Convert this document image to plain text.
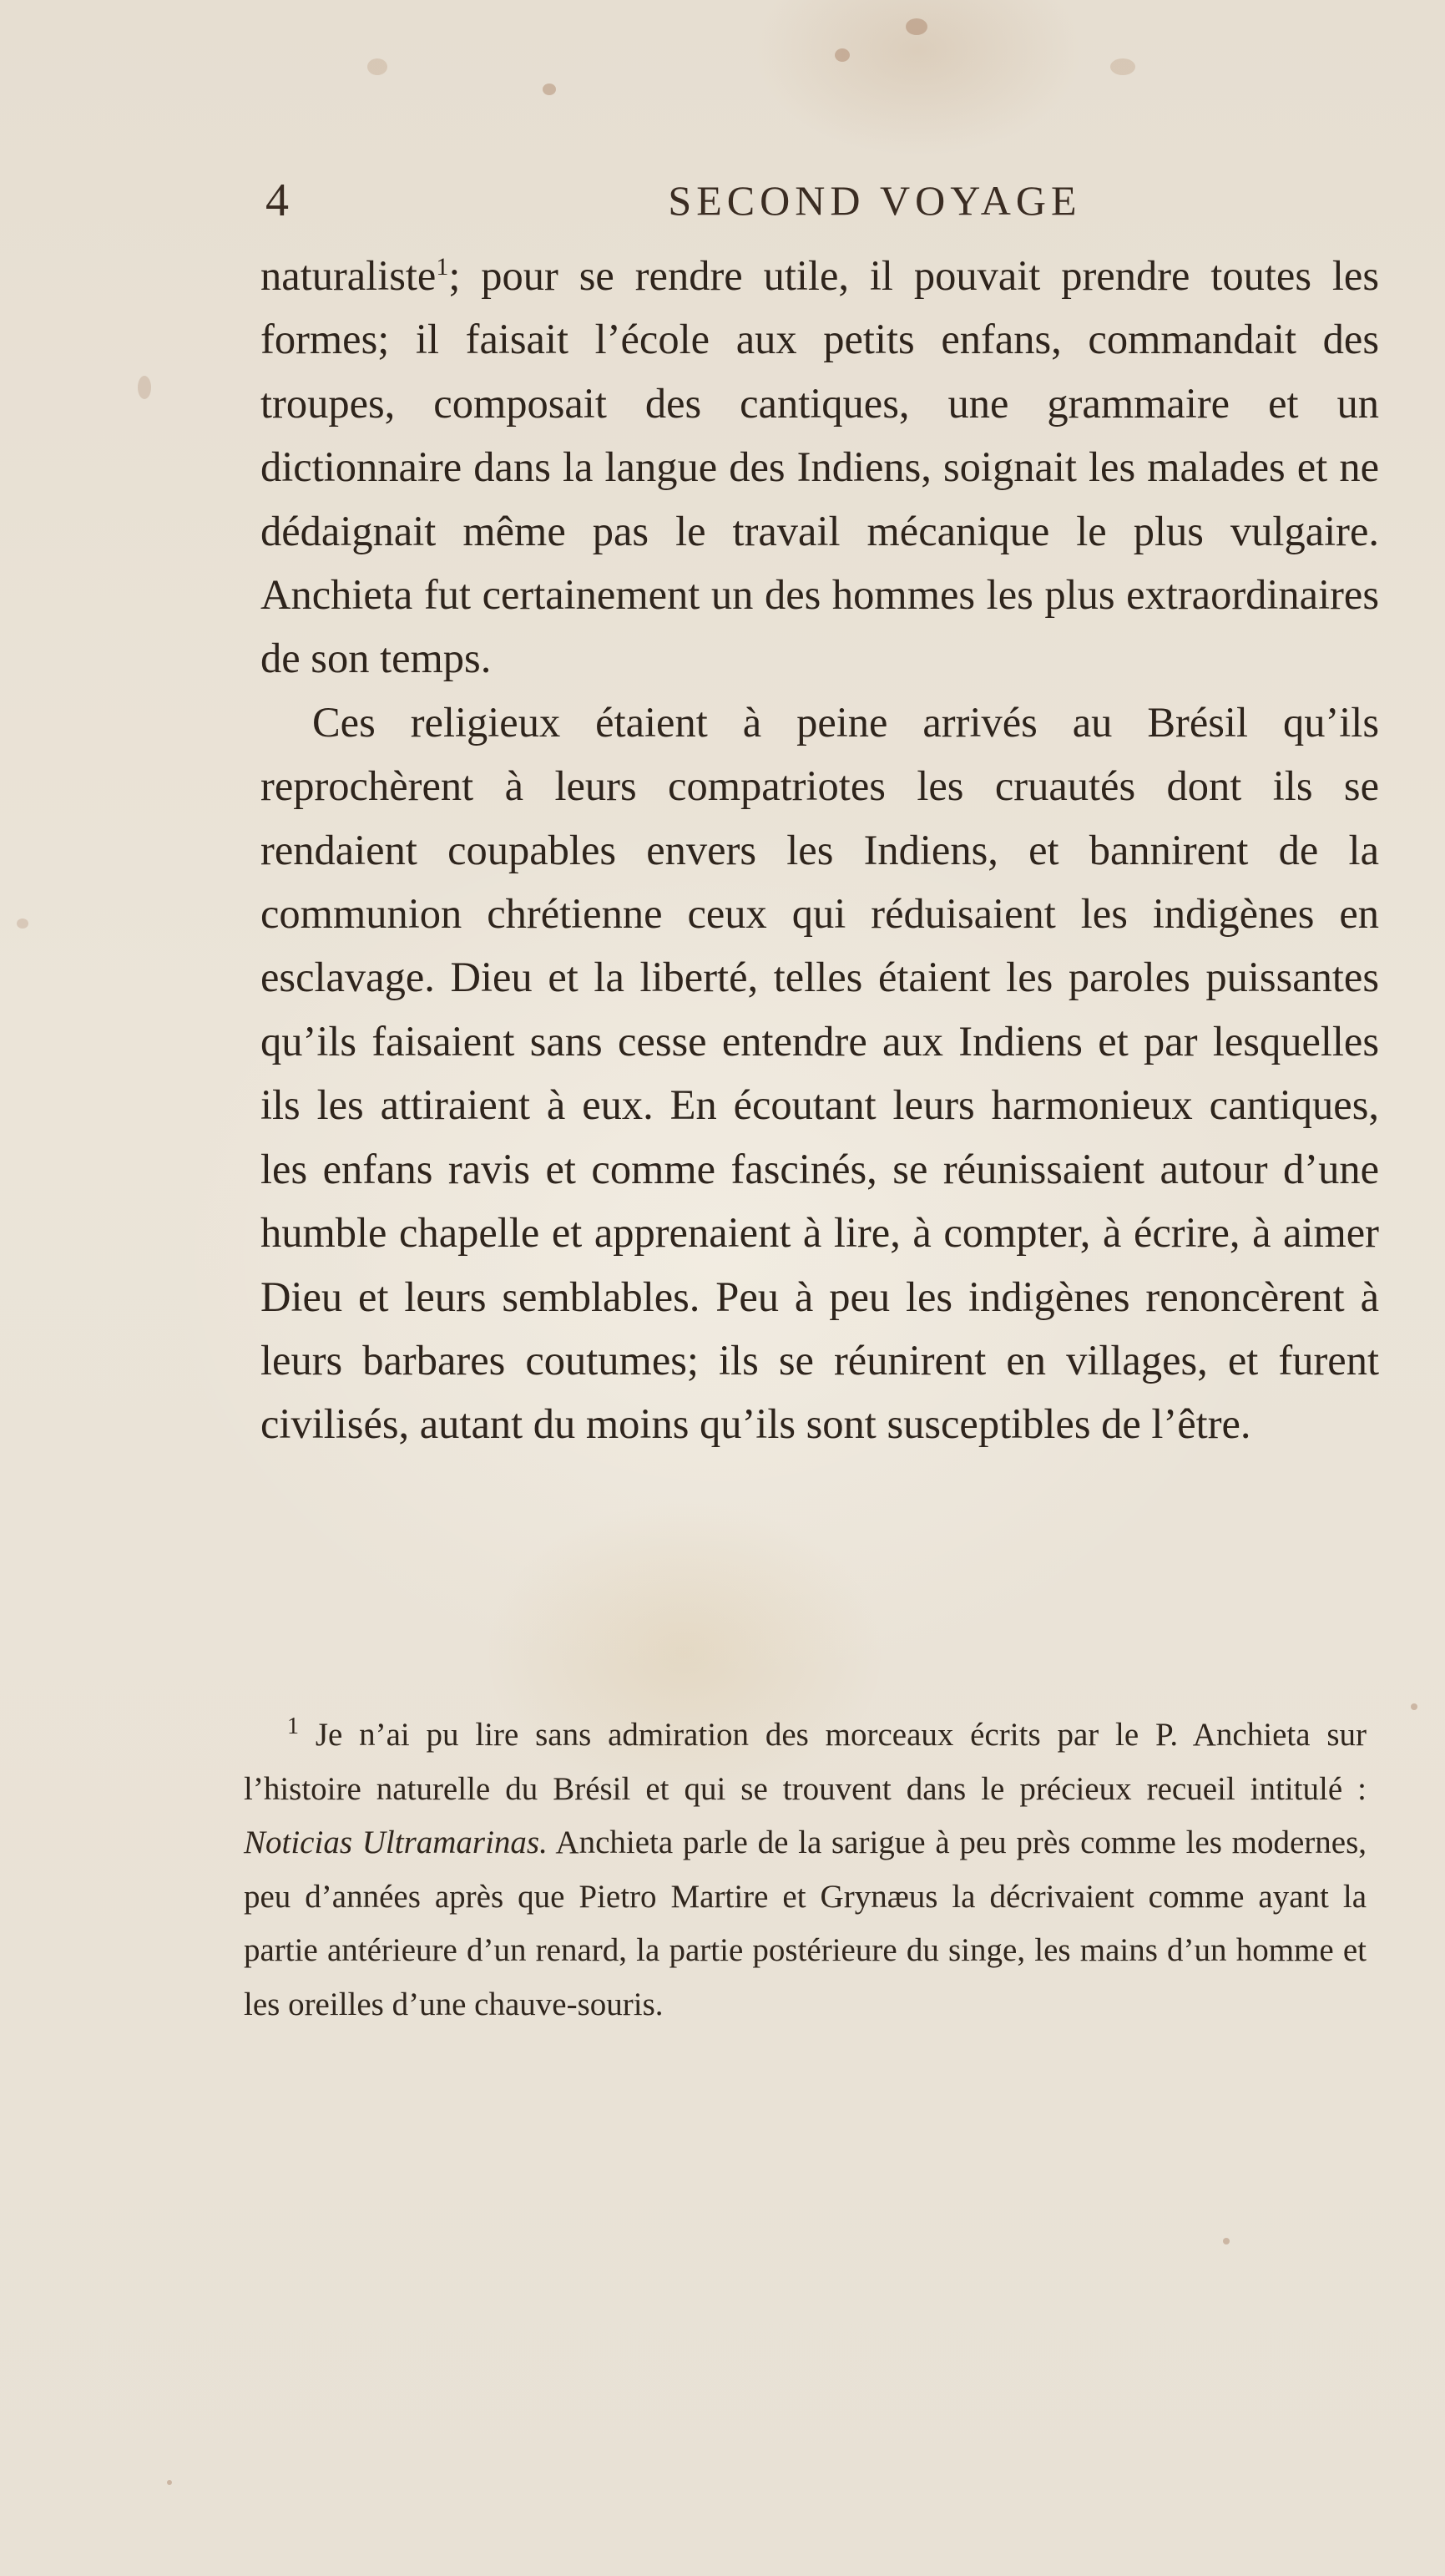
4	SECOND VOYAGE

naturaliste$^1$; pour se rendre utile, il pouvait prendre toutes les formes; il faisait l’école aux petits enfans, commandait des troupes, composait des cantiques, une grammaire et un dictionnaire dans la langue des Indiens, soignait les malades et ne dédaignait même pas le travail mécanique le plus vulgaire. Anchieta fut certainement un des hommes les plus extraordinaires de son temps.

Ces religieux étaient à peine arrivés au Brésil qu’ils reprochèrent à leurs compatriotes les cruautés dont ils se rendaient coupables envers les Indiens, et bannirent de la communion chrétienne ceux qui réduisaient les indigènes en esclavage. Dieu et la liberté, telles étaient les paroles puissantes qu’ils faisaient sans cesse entendre aux Indiens et par lesquelles ils les attiraient à eux. En écoutant leurs harmonieux cantiques, les enfans ravis et comme fascinés, se réunissaient autour d’une humble chapelle et apprenaient à lire, à compter, à écrire, à aimer Dieu et leurs semblables. Peu à peu les indigènes renoncèrent à leurs barbares coutumes; ils se réunirent en villages, et furent civilisés, autant du moins qu’ils sont susceptibles de l’être.

$^1$ Je n’ai pu lire sans admiration des morceaux écrits par le P. Anchieta sur l’histoire naturelle du Brésil et qui se trouvent dans le précieux recueil intitulé : Noticias Ultramarinas. Anchieta parle de la sarigue à peu près comme les modernes, peu d’années après que Pietro Martire et Grynæus la décrivaient comme ayant la partie antérieure d’un renard, la partie postérieure du singe, les mains d’un homme et les oreilles d’une chauve-souris.
